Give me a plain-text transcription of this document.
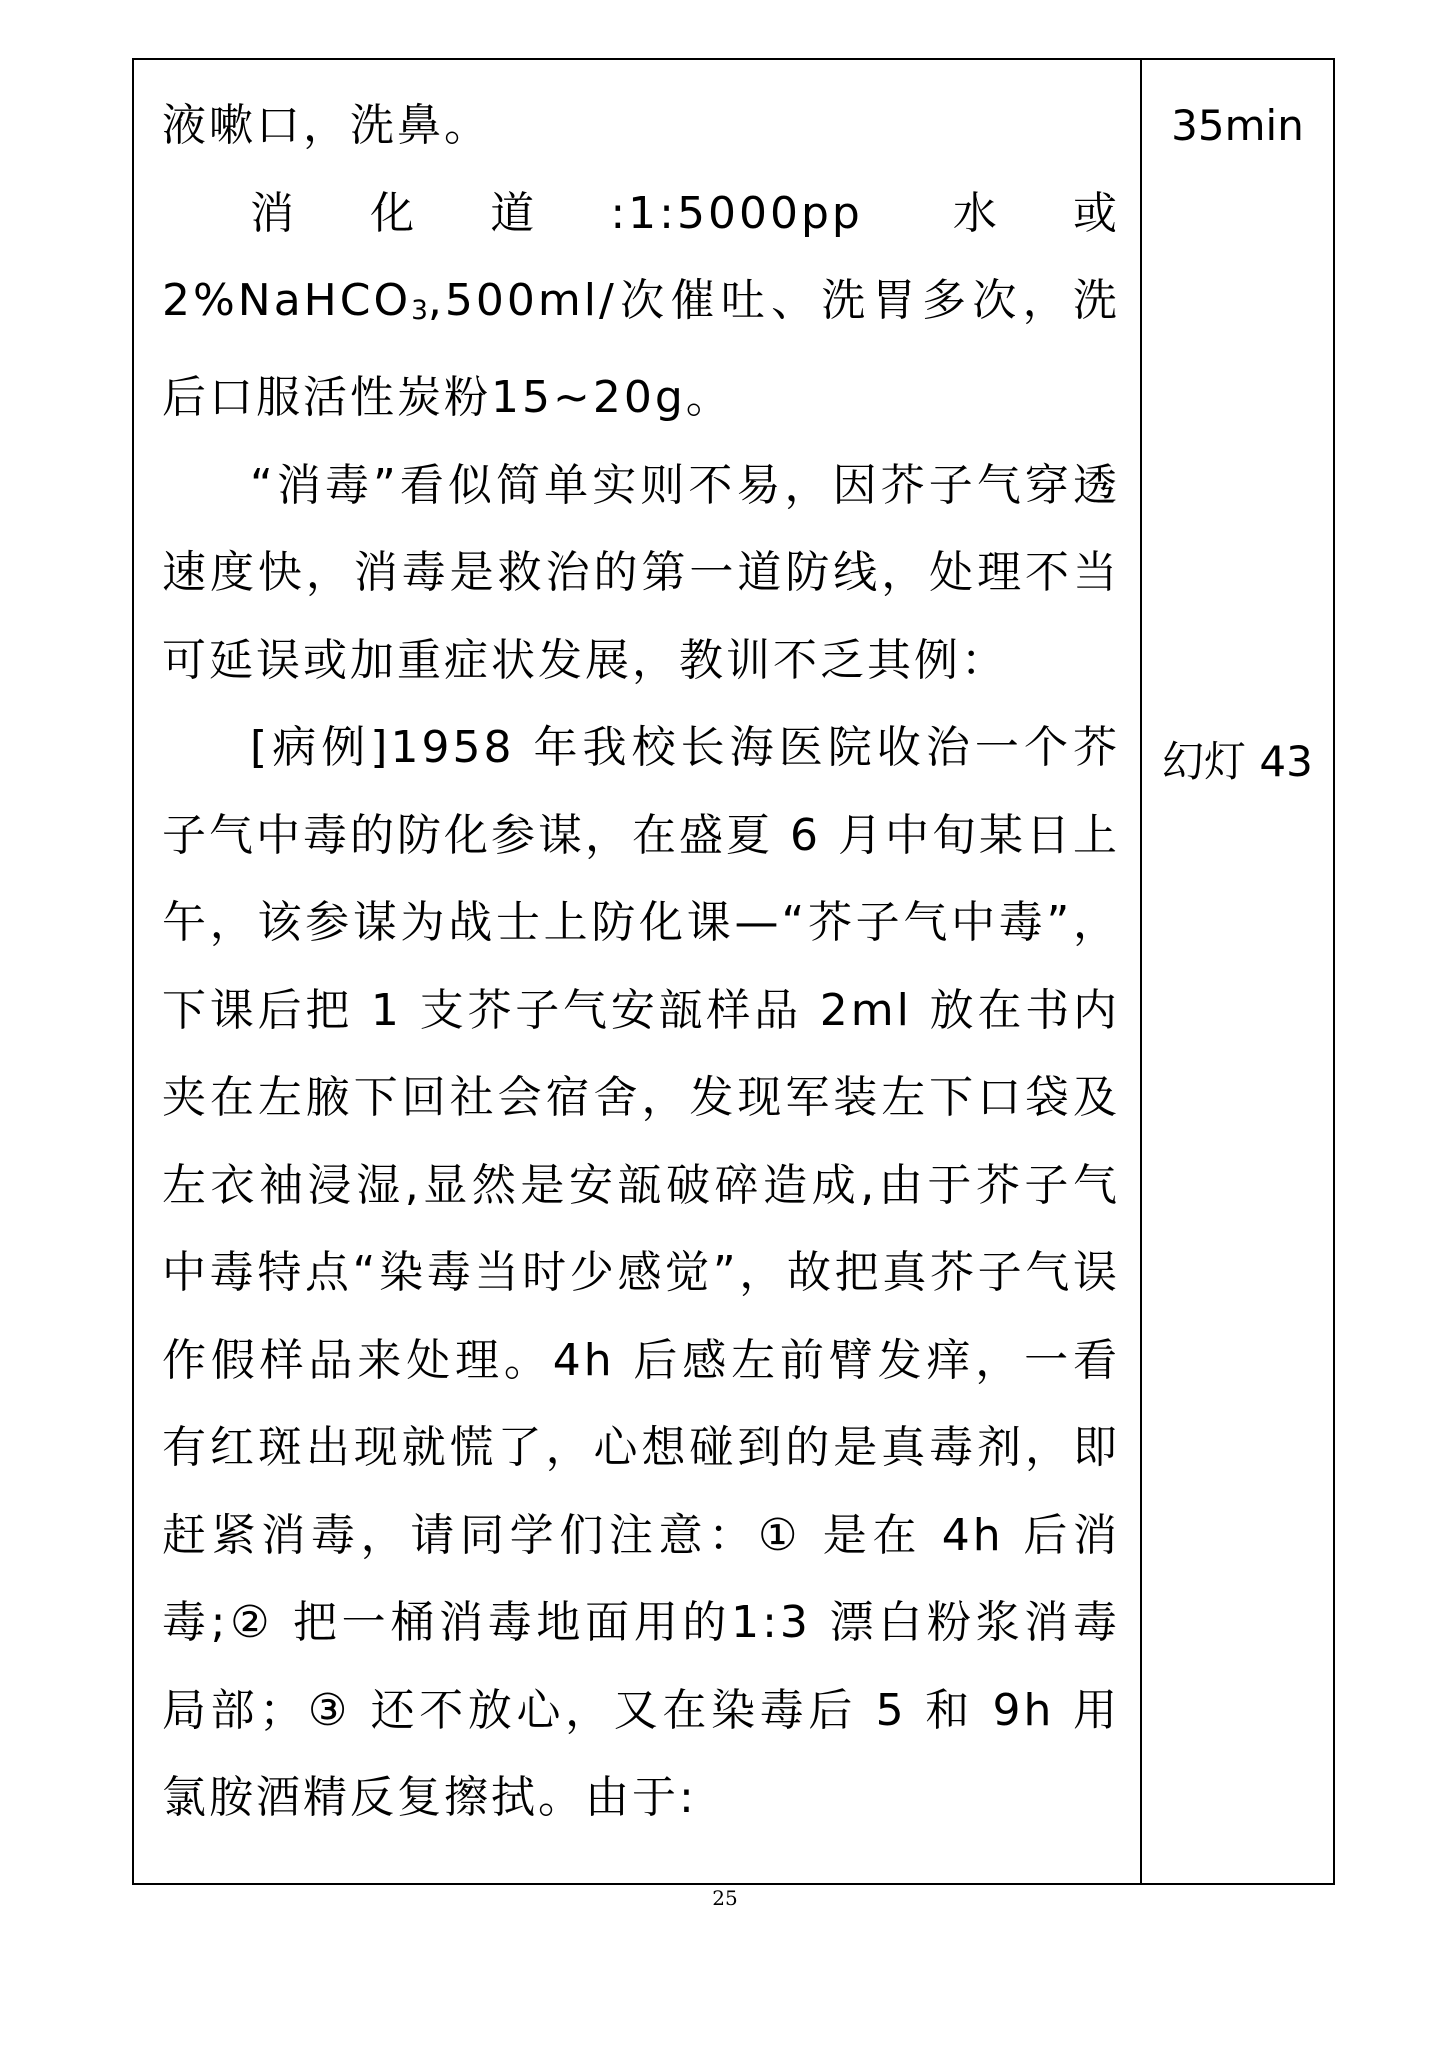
液嗽口，洗鼻。

消化道:1:5000pp 水或 2%NaHCO$_3$,500ml/次催吐、洗胃多次，洗后口服活性炭粉15~20g。

“消毒”看似简单实则不易，因芥子气穿透速度快，消毒是救治的第一道防线，处理不当可延误或加重症状发展，教训不乏其例：

[病例]1958 年我校长海医院收治一个芥子气中毒的防化参谋，在盛夏 6 月中旬某日上午，该参谋为战士上防化课—“芥子气中毒”，下课后把 1 支芥子气安瓿样品 2ml 放在书内夹在左腋下回社会宿舍，发现军装左下口袋及左衣袖浸湿,显然是安瓿破碎造成,由于芥子气中毒特点“染毒当时少感觉”，故把真芥子气误作假样品来处理。4h 后感左前臂发痒，一看有红斑出现就慌了，心想碰到的是真毒剂，即赶紧消毒，请同学们注意：① 是在 4h 后消毒;② 把一桶消毒地面用的1:3 漂白粉浆消毒局部；③ 还不放心，又在染毒后 5 和 9h 用氯胺酒精反复擦拭。由于:

35min
幻灯 43
25
